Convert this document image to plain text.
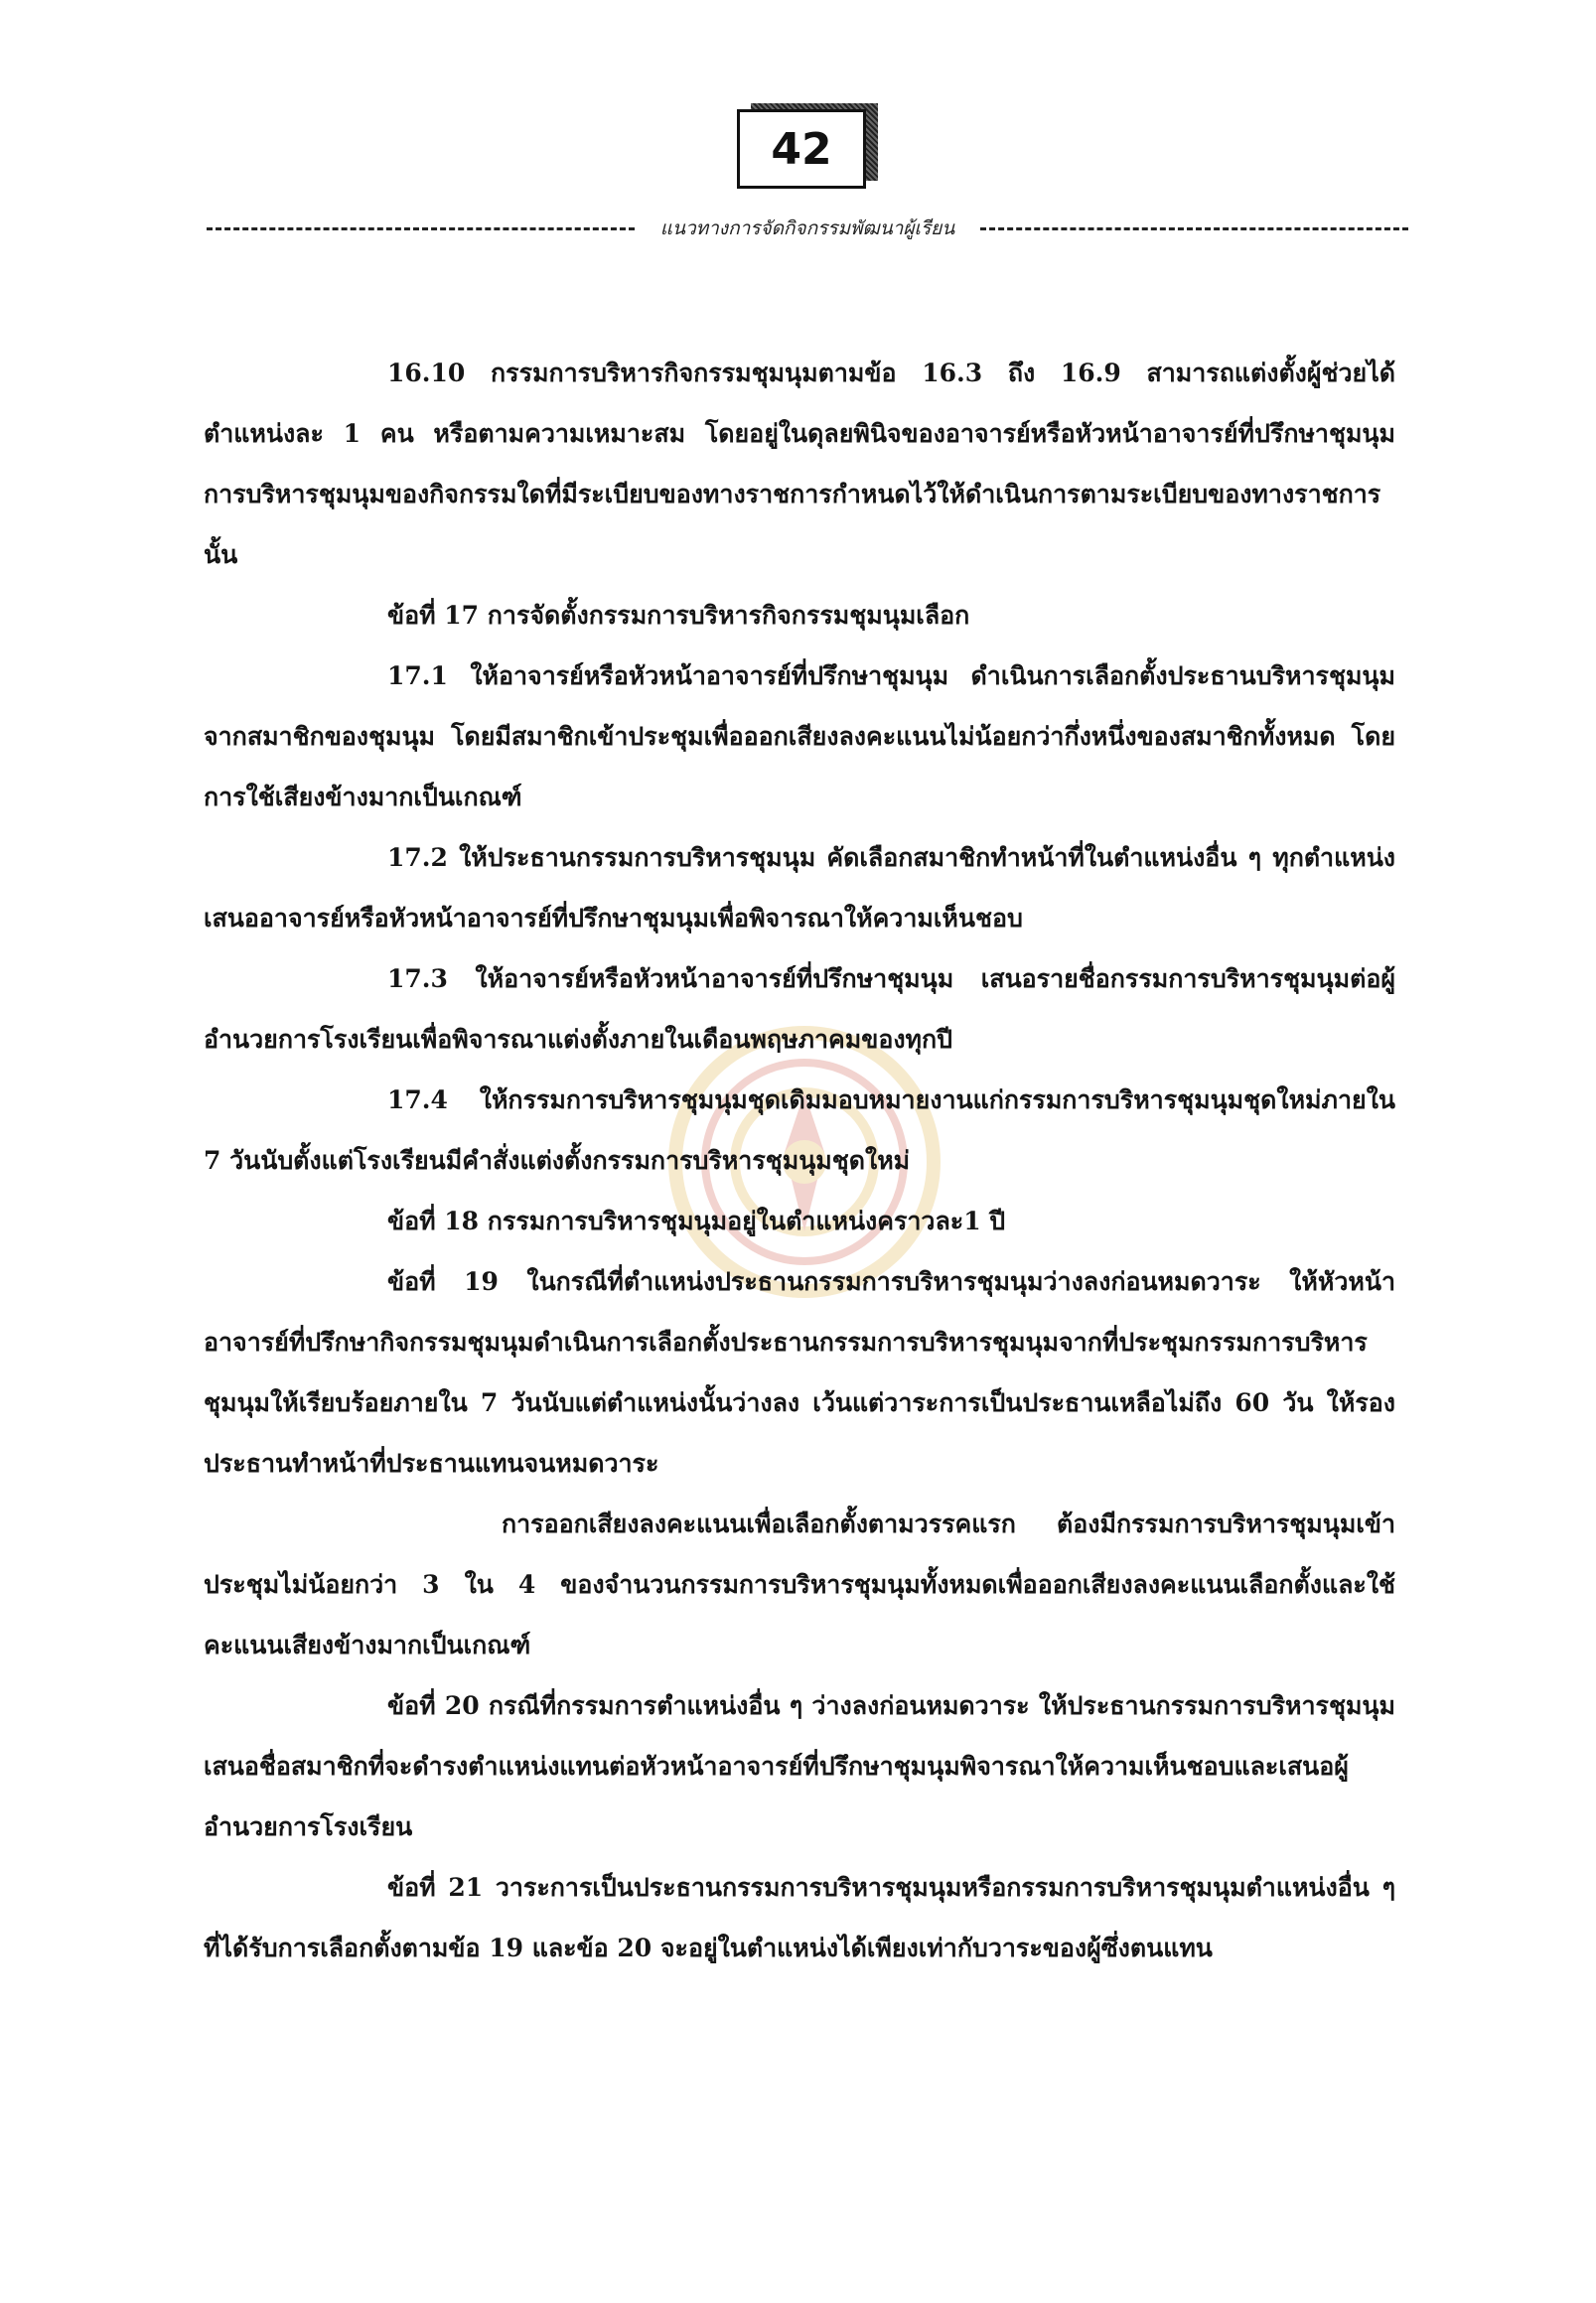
42
แนวทางการจัดกิจกรรมพัฒนาผู้เรียน

16.10 กรรมการบริหารกิจกรรมชุมนุมตามข้อ 16.3 ถึง 16.9 สามารถแต่งตั้งผู้ช่วยได้ตำแหน่งละ 1 คน หรือตามความเหมาะสม โดยอยู่ในดุลยพินิจของอาจารย์หรือหัวหน้าอาจารย์ที่ปรึกษาชุมนุม การบริหารชุมนุมของกิจกรรมใดที่มีระเบียบของทางราชการกำหนดไว้ให้ดำเนินการตามระเบียบของทางราชการนั้น

ข้อที่ 17 การจัดตั้งกรรมการบริหารกิจกรรมชุมนุมเลือก

17.1 ให้อาจารย์หรือหัวหน้าอาจารย์ที่ปรึกษาชุมนุม ดำเนินการเลือกตั้งประธานบริหารชุมนุมจากสมาชิกของชุมนุม โดยมีสมาชิกเข้าประชุมเพื่อออกเสียงลงคะแนนไม่น้อยกว่ากึ่งหนึ่งของสมาชิกทั้งหมด โดยการใช้เสียงข้างมากเป็นเกณฑ์

17.2 ให้ประธานกรรมการบริหารชุมนุม คัดเลือกสมาชิกทำหน้าที่ในตำแหน่งอื่น ๆ ทุกตำแหน่งเสนออาจารย์หรือหัวหน้าอาจารย์ที่ปรึกษาชุมนุมเพื่อพิจารณาให้ความเห็นชอบ

17.3 ให้อาจารย์หรือหัวหน้าอาจารย์ที่ปรึกษาชุมนุม เสนอรายชื่อกรรมการบริหารชุมนุมต่อผู้อำนวยการโรงเรียนเพื่อพิจารณาแต่งตั้งภายในเดือนพฤษภาคมของทุกปี

17.4 ให้กรรมการบริหารชุมนุมชุดเดิมมอบหมายงานแก่กรรมการบริหารชุมนุมชุดใหม่ภายใน 7 วันนับตั้งแต่โรงเรียนมีคำสั่งแต่งตั้งกรรมการบริหารชุมนุมชุดใหม่

ข้อที่ 18 กรรมการบริหารชุมนุมอยู่ในตำแหน่งคราวละ1 ปี

ข้อที่ 19 ในกรณีที่ตำแหน่งประธานกรรมการบริหารชุมนุมว่างลงก่อนหมดวาระ ให้หัวหน้าอาจารย์ที่ปรึกษากิจกรรมชุมนุมดำเนินการเลือกตั้งประธานกรรมการบริหารชุมนุมจากที่ประชุมกรรมการบริหารชุมนุมให้เรียบร้อยภายใน 7 วันนับแต่ตำแหน่งนั้นว่างลง เว้นแต่วาระการเป็นประธานเหลือไม่ถึง 60 วัน ให้รองประธานทำหน้าที่ประธานแทนจนหมดวาระ

การออกเสียงลงคะแนนเพื่อเลือกตั้งตามวรรคแรก ต้องมีกรรมการบริหารชุมนุมเข้าประชุมไม่น้อยกว่า 3 ใน 4 ของจำนวนกรรมการบริหารชุมนุมทั้งหมดเพื่อออกเสียงลงคะแนนเลือกตั้งและใช้คะแนนเสียงข้างมากเป็นเกณฑ์

ข้อที่ 20 กรณีที่กรรมการตำแหน่งอื่น ๆ ว่างลงก่อนหมดวาระ ให้ประธานกรรมการบริหารชุมนุมเสนอชื่อสมาชิกที่จะดำรงตำแหน่งแทนต่อหัวหน้าอาจารย์ที่ปรึกษาชุมนุมพิจารณาให้ความเห็นชอบและเสนอผู้อำนวยการโรงเรียน

ข้อที่ 21 วาระการเป็นประธานกรรมการบริหารชุมนุมหรือกรรมการบริหารชุมนุมตำแหน่งอื่น ๆ ที่ได้รับการเลือกตั้งตามข้อ 19 และข้อ 20 จะอยู่ในตำแหน่งได้เพียงเท่ากับวาระของผู้ซึ่งตนแทน
